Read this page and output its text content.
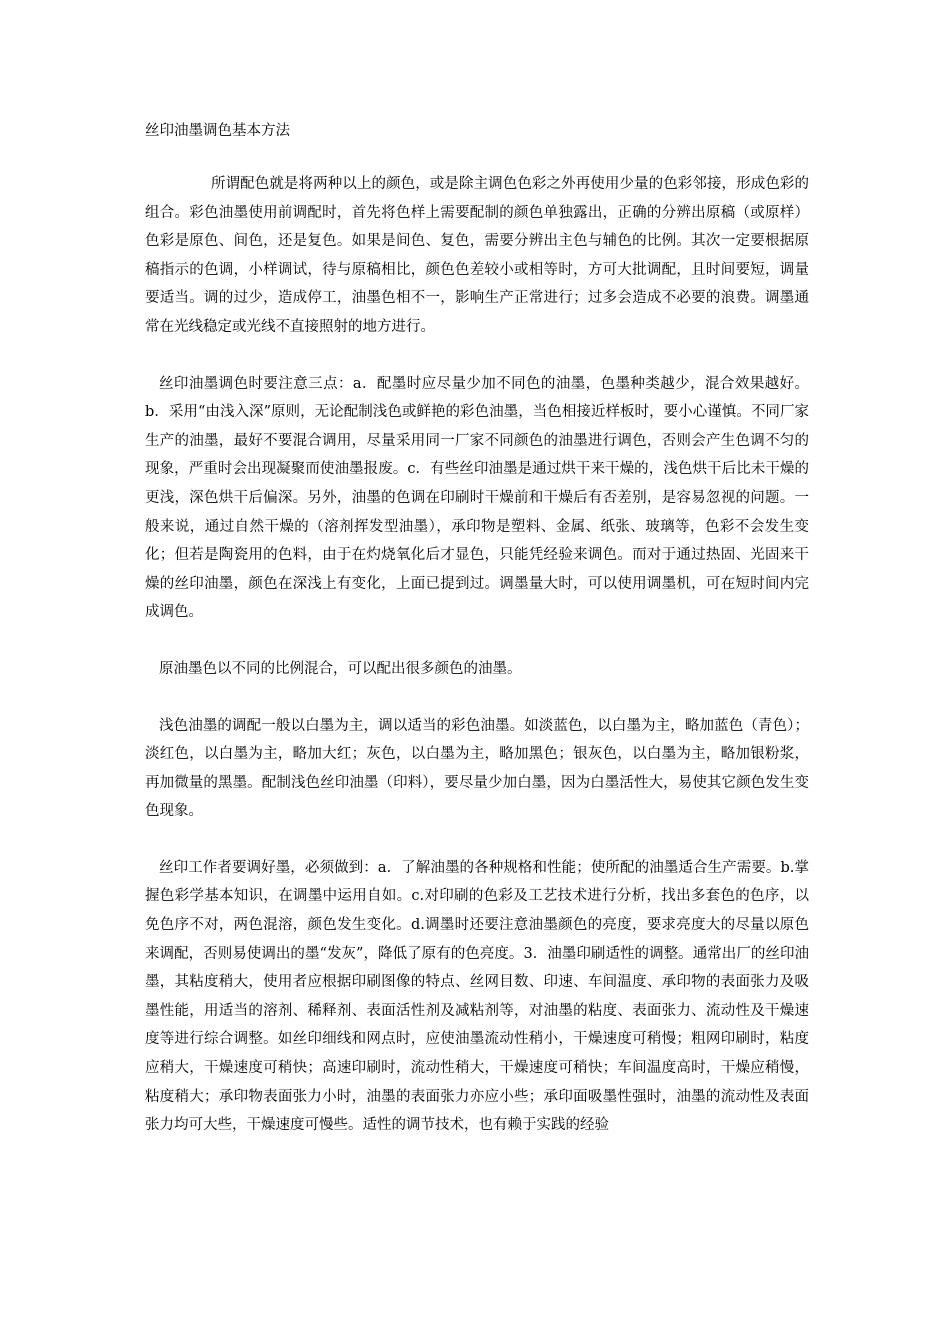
丝印油墨调色基本方法

所谓配色就是将两种以上的颜色，或是除主调色色彩之外再使用少量的色彩邻接，形成色彩的组合。彩色油墨使用前调配时，首先将色样上需要配制的颜色单独露出，正确的分辨出原稿（或原样）色彩是原色、间色，还是复色。如果是间色、复色，需要分辨出主色与辅色的比例。其次一定要根据原稿指示的色调，小样调试，待与原稿相比，颜色色差较小或相等时，方可大批调配，且时间要短，调量要适当。调的过少，造成停工，油墨色相不一，影响生产正常进行；过多会造成不必要的浪费。调墨通常在光线稳定或光线不直接照射的地方进行。

丝印油墨调色时要注意三点：a．配墨时应尽量少加不同色的油墨，色墨种类越少，混合效果越好。b．采用“由浅入深”原则，无论配制浅色或鲜艳的彩色油墨，当色相接近样板时，要小心谨慎。不同厂家生产的油墨，最好不要混合调用，尽量采用同一厂家不同颜色的油墨进行调色，否则会产生色调不匀的现象，严重时会出现凝聚而使油墨报废。c．有些丝印油墨是通过烘干来干燥的，浅色烘干后比未干燥的更浅，深色烘干后偏深。另外，油墨的色调在印刷时干燥前和干燥后有否差别，是容易忽视的问题。一般来说，通过自然干燥的（溶剂挥发型油墨），承印物是塑料、金属、纸张、玻璃等，色彩不会发生变化；但若是陶瓷用的色料，由于在灼烧氧化后才显色，只能凭经验来调色。而对于通过热固、光固来干燥的丝印油墨，颜色在深浅上有变化，上面已提到过。调墨量大时，可以使用调墨机，可在短时间内完成调色。

原油墨色以不同的比例混合，可以配出很多颜色的油墨。

浅色油墨的调配一般以白墨为主，调以适当的彩色油墨。如淡蓝色，以白墨为主，略加蓝色（青色）；淡红色，以白墨为主，略加大红；灰色，以白墨为主，略加黑色；银灰色，以白墨为主，略加银粉浆，再加微量的黑墨。配制浅色丝印油墨（印料），要尽量少加白墨，因为白墨活性大，易使其它颜色发生变色现象。

丝印工作者要调好墨，必须做到：a．了解油墨的各种规格和性能；使所配的油墨适合生产需要。b.掌握色彩学基本知识，在调墨中运用自如。c.对印刷的色彩及工艺技术进行分析，找出多套色的色序，以免色序不对，两色混溶，颜色发生变化。d.调墨时还要注意油墨颜色的亮度，要求亮度大的尽量以原色来调配，否则易使调出的墨“发灰”，降低了原有的色亮度。3．油墨印刷适性的调整。通常出厂的丝印油墨，其粘度稍大，使用者应根据印刷图像的特点、丝网目数、印速、车间温度、承印物的表面张力及吸墨性能，用适当的溶剂、稀释剂、表面活性剂及减粘剂等，对油墨的粘度、表面张力、流动性及干燥速度等进行综合调整。如丝印细线和网点时，应使油墨流动性稍小，干燥速度可稍慢；粗网印刷时，粘度应稍大，干燥速度可稍快；高速印刷时，流动性稍大，干燥速度可稍快；车间温度高时，干燥应稍慢，粘度稍大；承印物表面张力小时，油墨的表面张力亦应小些；承印面吸墨性强时，油墨的流动性及表面张力均可大些，干燥速度可慢些。适性的调节技术，也有赖于实践的经验
